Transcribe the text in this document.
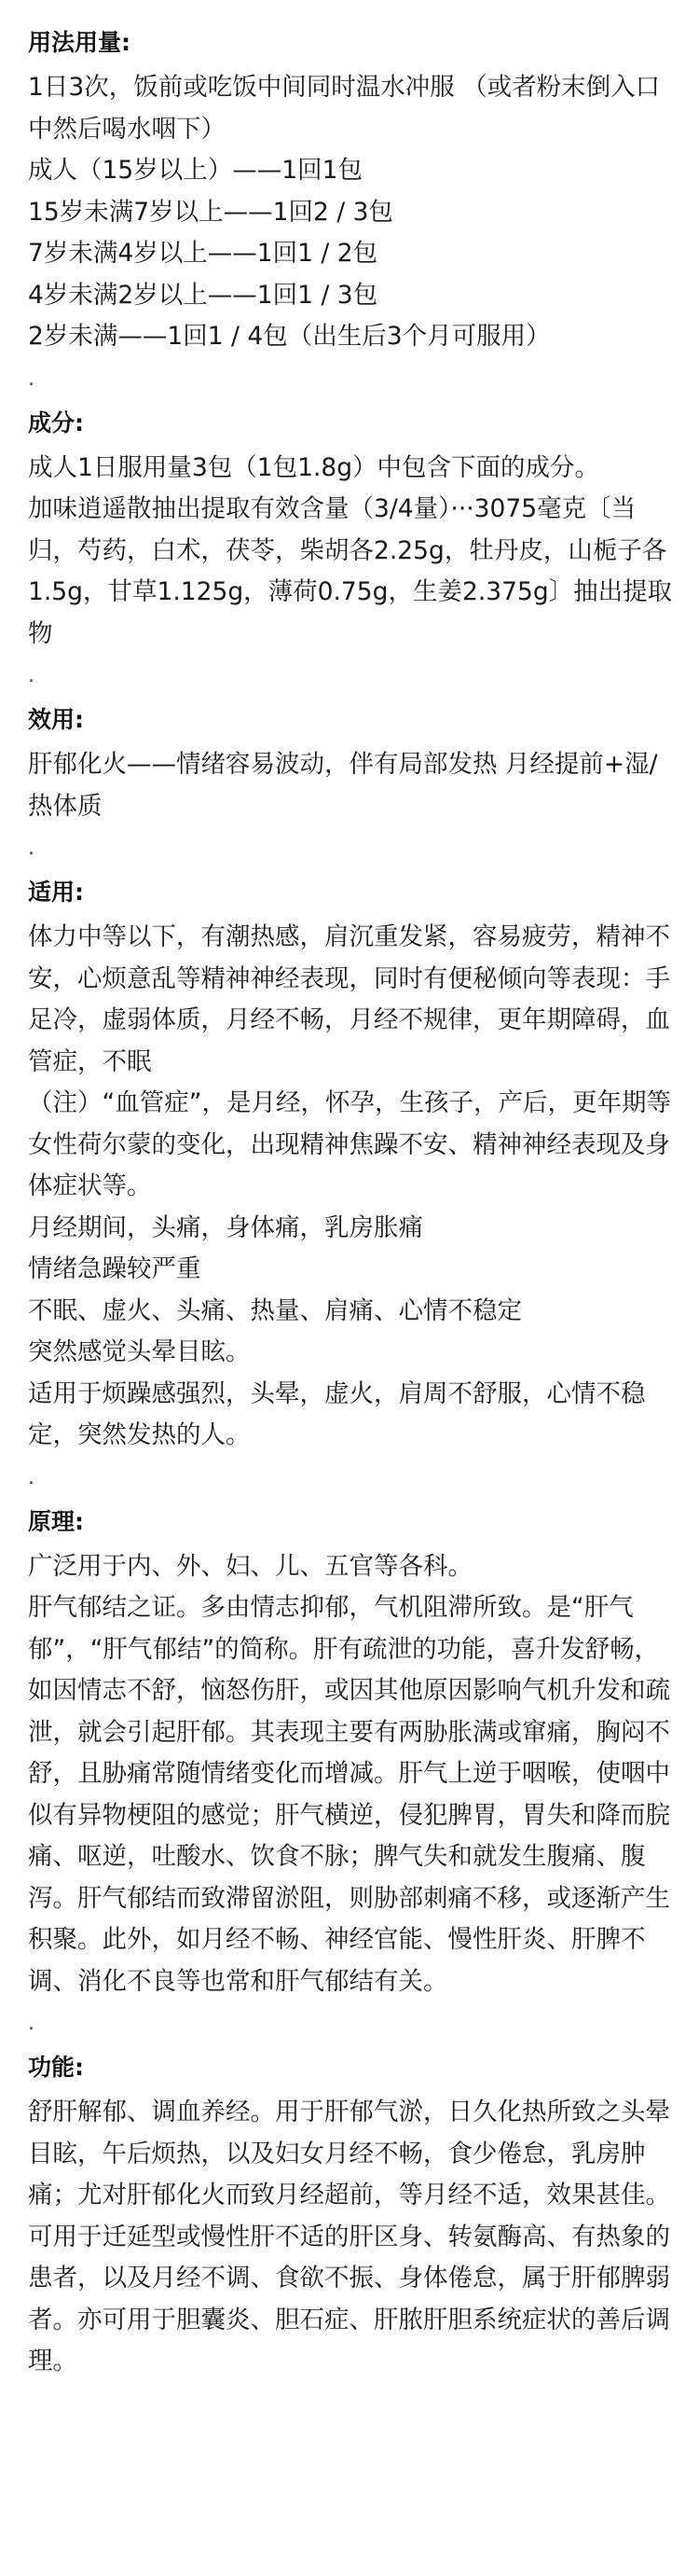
用法用量:

1日3次，饭前或吃饭中间同时温水冲服 （或者粉末倒入口中然后喝水咽下）

成人（15岁以上）——1回1包

15岁未满7岁以上——1回2 / 3包

7岁未满4岁以上——1回1 / 2包

4岁未满2岁以上——1回1 / 3包

2岁未满——1回1 / 4包（出生后3个月可服用）

.
成分:

成人1日服用量3包（1包1.8g）中包含下面的成分。

加味逍遥散抽出提取有效含量（3/4量）···3075毫克〔当归，芍药，白术，茯苓，柴胡各2.25g，牡丹皮，山栀子各1.5g，甘草1.125g，薄荷0.75g，生姜2.375g〕抽出提取物

.
效用:

肝郁化火——情绪容易波动，伴有局部发热 月经提前+湿/热体质

.
适用:

体力中等以下，有潮热感，肩沉重发紧，容易疲劳，精神不安，心烦意乱等精神神经表现，同时有便秘倾向等表现：手足冷，虚弱体质，月经不畅，月经不规律，更年期障碍，血管症，不眠

（注）“血管症”，是月经，怀孕，生孩子，产后，更年期等女性荷尔蒙的变化，出现精神焦躁不安、精神神经表现及身体症状等。

月经期间，头痛，身体痛，乳房胀痛

情绪急躁较严重

不眠、虚火、头痛、热量、肩痛、心情不稳定

突然感觉头晕目眩。

适用于烦躁感强烈，头晕，虚火，肩周不舒服，心情不稳定，突然发热的人。

.
原理:

广泛用于内、外、妇、儿、五官等各科。

肝气郁结之证。多由情志抑郁，气机阻滞所致。是“肝气郁”，“肝气郁结”的简称。肝有疏泄的功能，喜升发舒畅，如因情志不舒，恼怒伤肝，或因其他原因影响气机升发和疏泄，就会引起肝郁。其表现主要有两胁胀满或窜痛，胸闷不舒，且胁痛常随情绪变化而增减。肝气上逆于咽喉，使咽中似有异物梗阻的感觉；肝气横逆，侵犯脾胃，胃失和降而脘痛、呕逆，吐酸水、饮食不脉；脾气失和就发生腹痛、腹泻。肝气郁结而致滞留淤阻，则胁部刺痛不移，或逐渐产生积聚。此外，如月经不畅、神经官能、慢性肝炎、肝脾不调、消化不良等也常和肝气郁结有关。

.
功能:

舒肝解郁、调血养经。用于肝郁气淤，日久化热所致之头晕目眩，午后烦热，以及妇女月经不畅，食少倦怠，乳房肿痛；尤对肝郁化火而致月经超前，等月经不适，效果甚佳。

可用于迁延型或慢性肝不适的肝区身、转氨酶高、有热象的患者，以及月经不调、食欲不振、身体倦怠，属于肝郁脾弱者。亦可用于胆囊炎、胆石症、肝脓肝胆系统症状的善后调理。
